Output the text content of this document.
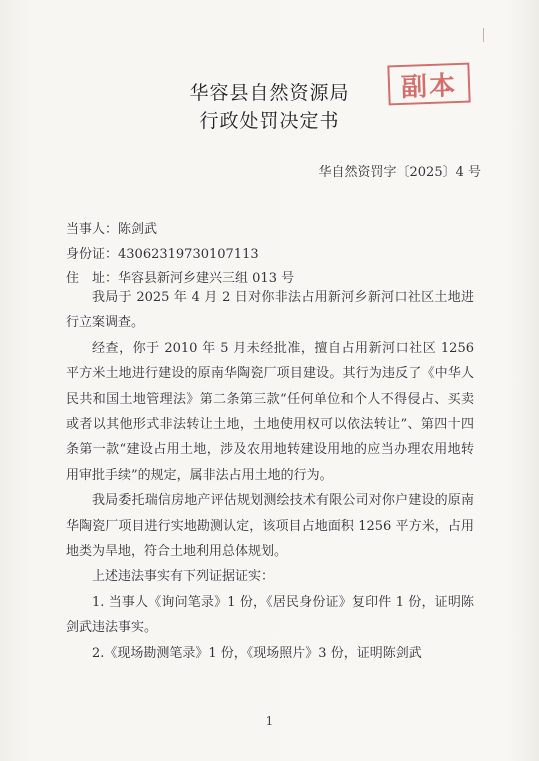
华容县自然资源局
行政处罚决定书
副本
华自然资罚字〔2025〕4 号
当事人：陈剑武
身份证：43062319730107113
住　址：华容县新河乡建兴三组 013 号

我局于 2025 年 4 月 2 日对你非法占用新河乡新河口社区土地进行立案调查。

经查，你于 2010 年 5 月未经批准，擅自占用新河口社区 1256 平方米土地进行建设的原南华陶瓷厂项目建设。其行为违反了《中华人民共和国土地管理法》第二条第三款“任何单位和个人不得侵占、买卖或者以其他形式非法转让土地，土地使用权可以依法转让”、第四十四条第一款“建设占用土地，涉及农用地转建设用地的应当办理农用地转用审批手续”的规定，属非法占用土地的行为。

我局委托瑞信房地产评估规划测绘技术有限公司对你户建设的原南华陶瓷厂项目进行实地勘测认定，该项目占地面积 1256 平方米，占用地类为旱地，符合土地利用总体规划。

上述违法事实有下列证据证实：

1. 当事人《询问笔录》1 份，《居民身份证》复印件 1 份，证明陈剑武违法事实。

2.《现场勘测笔录》1 份，《现场照片》3 份，证明陈剑武

1
